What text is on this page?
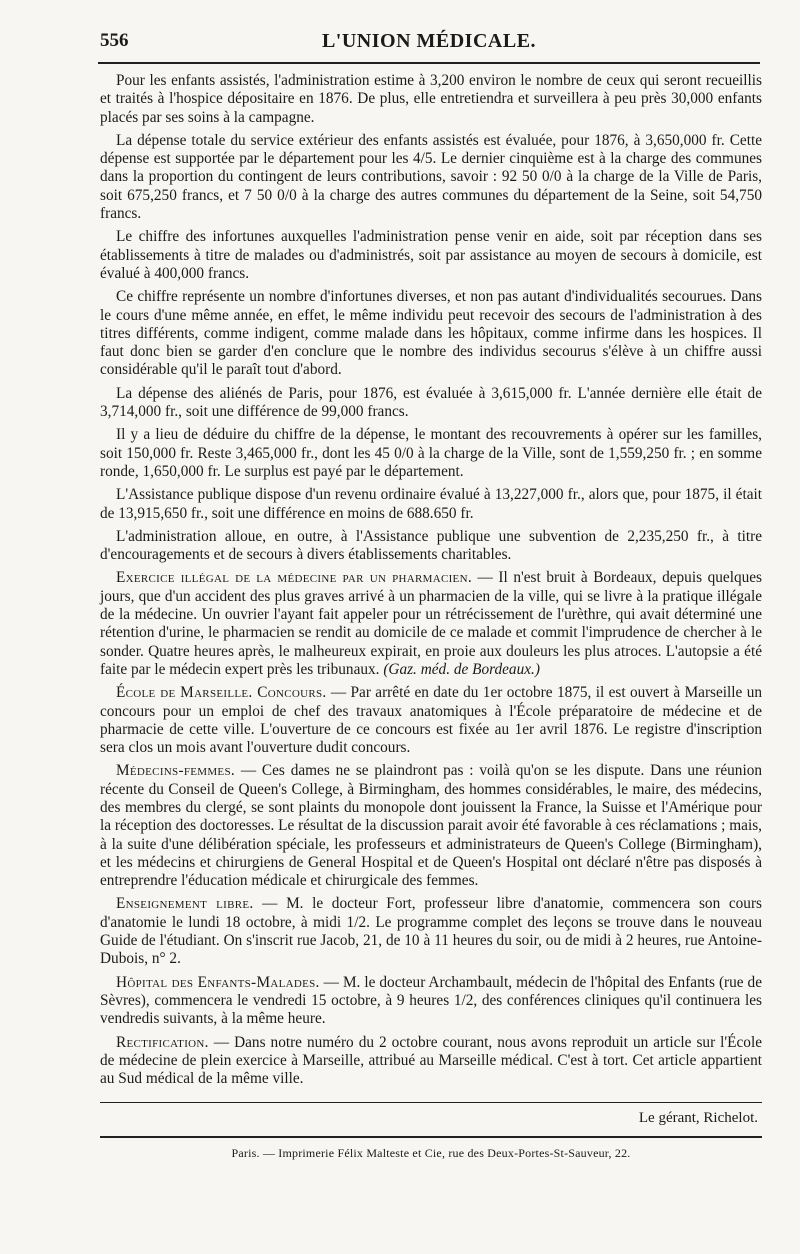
556	L'UNION MÉDICALE.

Pour les enfants assistés, l'administration estime à 3,200 environ le nombre de ceux qui seront recueillis et traités à l'hospice dépositaire en 1876. De plus, elle entretiendra et surveillera à peu près 30,000 enfants placés par ses soins à la campagne.

La dépense totale du service extérieur des enfants assistés est évaluée, pour 1876, à 3,650,000 fr. Cette dépense est supportée par le département pour les 4/5. Le dernier cinquième est à la charge des communes dans la proportion du contingent de leurs contributions, savoir : 92 50 0/0 à la charge de la Ville de Paris, soit 675,250 francs, et 7 50 0/0 à la charge des autres communes du département de la Seine, soit 54,750 francs.

Le chiffre des infortunes auxquelles l'administration pense venir en aide, soit par réception dans ses établissements à titre de malades ou d'administrés, soit par assistance au moyen de secours à domicile, est évalué à 400,000 francs.

Ce chiffre représente un nombre d'infortunes diverses, et non pas autant d'individualités secourues. Dans le cours d'une même année, en effet, le même individu peut recevoir des secours de l'administration à des titres différents, comme indigent, comme malade dans les hôpitaux, comme infirme dans les hospices. Il faut donc bien se garder d'en conclure que le nombre des individus secourus s'élève à un chiffre aussi considérable qu'il le paraît tout d'abord.

La dépense des aliénés de Paris, pour 1876, est évaluée à 3,615,000 fr. L'année dernière elle était de 3,714,000 fr., soit une différence de 99,000 francs.

Il y a lieu de déduire du chiffre de la dépense, le montant des recouvrements à opérer sur les familles, soit 150,000 fr. Reste 3,465,000 fr., dont les 45 0/0 à la charge de la Ville, sont de 1,559,250 fr. ; en somme ronde, 1,650,000 fr. Le surplus est payé par le département.

L'Assistance publique dispose d'un revenu ordinaire évalué à 13,227,000 fr., alors que, pour 1875, il était de 13,915,650 fr., soit une différence en moins de 688.650 fr.

L'administration alloue, en outre, à l'Assistance publique une subvention de 2,235,250 fr., à titre d'encouragements et de secours à divers établissements charitables.

Exercice illégal de la médecine par un pharmacien. — Il n'est bruit à Bordeaux, depuis quelques jours, que d'un accident des plus graves arrivé à un pharmacien de la ville, qui se livre à la pratique illégale de la médecine. Un ouvrier l'ayant fait appeler pour un rétrécissement de l'urèthre, qui avait déterminé une rétention d'urine, le pharmacien se rendit au domicile de ce malade et commit l'imprudence de chercher à le sonder. Quatre heures après, le malheureux expirait, en proie aux douleurs les plus atroces. L'autopsie a été faite par le médecin expert près les tribunaux. (Gaz. méd. de Bordeaux.)

École de Marseille. Concours. — Par arrêté en date du 1er octobre 1875, il est ouvert à Marseille un concours pour un emploi de chef des travaux anatomiques à l'École préparatoire de médecine et de pharmacie de cette ville. L'ouverture de ce concours est fixée au 1er avril 1876. Le registre d'inscription sera clos un mois avant l'ouverture dudit concours.

Médecins-femmes. — Ces dames ne se plaindront pas : voilà qu'on se les dispute. Dans une réunion récente du Conseil de Queen's College, à Birmingham, des hommes considérables, le maire, des médecins, des membres du clergé, se sont plaints du monopole dont jouissent la France, la Suisse et l'Amérique pour la réception des doctoresses. Le résultat de la discussion parait avoir été favorable à ces réclamations ; mais, à la suite d'une délibération spéciale, les professeurs et administrateurs de Queen's College (Birmingham), et les médecins et chirurgiens de General Hospital et de Queen's Hospital ont déclaré n'être pas disposés à entreprendre l'éducation médicale et chirurgicale des femmes.

Enseignement libre. — M. le docteur Fort, professeur libre d'anatomie, commencera son cours d'anatomie le lundi 18 octobre, à midi 1/2. Le programme complet des leçons se trouve dans le nouveau Guide de l'étudiant. On s'inscrit rue Jacob, 21, de 10 à 11 heures du soir, ou de midi à 2 heures, rue Antoine-Dubois, n° 2.

Hôpital des Enfants-Malades. — M. le docteur Archambault, médecin de l'hôpital des Enfants (rue de Sèvres), commencera le vendredi 15 octobre, à 9 heures 1/2, des conférences cliniques qu'il continuera les vendredis suivants, à la même heure.

Rectification. — Dans notre numéro du 2 octobre courant, nous avons reproduit un article sur l'École de médecine de plein exercice à Marseille, attribué au Marseille médical. C'est à tort. Cet article appartient au Sud médical de la même ville.

Le gérant, Richelot.
Paris. — Imprimerie Félix Malteste et Cie, rue des Deux-Portes-St-Sauveur, 22.
